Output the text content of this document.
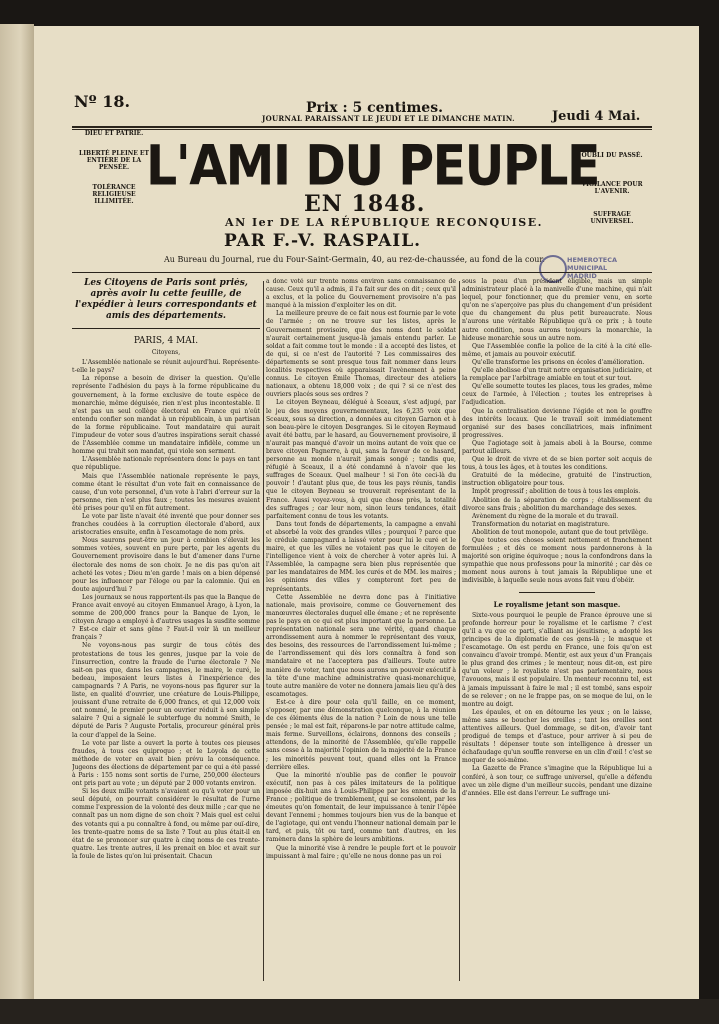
Nº 18.	Prix : 5 centimes.
JOURNAL PARAISSANT LE JEUDI ET LE DIMANCHE MATIN.	Jeudi 4 Mai.
DIEU ET PATRIE.
LIBERTÉ PLEINE ET ENTIÈRE DE LA PENSÉE.
TOLÉRANCE RELIGIEUSE ILLIMITÉE.
L'AMI DU PEUPLE
OUBLI DU PASSÉ.
VIGILANCE POUR L'AVENIR.
SUFFRAGE UNIVERSEL.
EN 1848.
AN Ier DE LA RÉPUBLIQUE RECONQUISE.
PAR F.-V. RASPAIL.
Au Bureau du Journal, rue du Four-Saint-Germain, 40, au rez-de-chaussée, au fond de la cour.	HEMEROTECA
MUNICIPAL
MADRID
Les Citoyens de Paris sont priés, après avoir lu cette feuille, de l'expédier à leurs correspondants et amis des départements.
PARIS, 4 MAI.
Citoyens,

L'Assemblée nationale se réunit aujourd'hui. Représente-t-elle le pays?

La réponse a besoin de diviser la question. Qu'elle représente l'adhésion du pays à la forme républicaine du gouvernement, à la forme exclusive de toute espèce de monarchie, même déguisée, rien n'est plus incontestable. Il n'est pas un seul collège électoral en France qui n'eût entendu confier son mandat à un républicain, à un partisan de la forme républicaine. Tout mandataire qui aurait l'impudeur de voter sous d'autres inspirations serait chassé de l'Assemblée comme un mandataire infidèle, comme un homme qui trahit son mandat, qui viole son serment.

L'Assemblée nationale représentera donc le pays en tant que république.

Mais que l'Assemblée nationale représente le pays, comme étant le résultat d'un vote fait en connaissance de cause, d'un vote personnel, d'un vote à l'abri d'erreur sur la personne, rien n'est plus faux ; toutes les mesures avaient été prises pour qu'il en fût autrement.

Le vote par liste n'avait été inventé que pour donner ses franches coudées à la corruption électorale d'abord, aux aristocraties ensuite, enfin à l'escamotage de nom près.

Nous saurons peut-être un jour à combien s'élevait les sommes votées, souvent en pure perte, par les agents du Gouvernement provisoire dans le but d'amener dans l'urne électorale des noms de son choix. Je ne dis pas qu'on ait acheté les votes ; Dieu m'en garde ! mais on a bien dépensé pour les influencer par l'éloge ou par la calomnie. Qui en doute aujourd'hui ?

Les journaux se nous rapportent-ils pas que la Banque de France avait envoyé au citoyen Emmanuel Arago, à Lyon, la somme de 200,000 francs pour la Banque de Lyon, le citoyen Arago a employé à d'autres usages la susdite somme ? Est-ce clair et sans gêne ? Faut-il voir là un meilleur français ?

Ne voyons-nous pas surgir de tous côtés des protestations de tous les genres, jusque par la voie de l'insurrection, contre la fraude de l'urne électorale ? Ne sait-on pas que, dans les campagnes, le maire, le curé, le bedeau, imposaient leurs listes à l'inexpérience des campagnards ? A Paris, ne voyons-nous pas figurer sur la liste, en qualité d'ouvrier, une créature de Louis-Philippe, jouissant d'une retraite de 6,000 francs, et qui 12,000 voix ont nommé, le premier pour un ouvrier réduit à son simple salaire ? Qui a signalé le subterfuge du nommé Smith, le député de Paris ? Auguste Portalis, procureur général près la cour d'appel de la Seine.

Le vote par liste a ouvert la porte à toutes ces pieuses fraudes, à tous ces quiproquo ; et le Loyola de cette méthode de voter en avait bien prévu la conséquence. Jugeons des élections de département par ce qui a été passé à Paris : 155 noms sont sortis de l'urne, 250,000 électeurs ont pris part au vote ; un député par 2 000 votants environ.

Si les deux mille votants n'avaient eu qu'à voter pour un seul député, on pourrait considérer le résultat de l'urne comme l'expression de la volonté des deux mille ; car que ne connaît pas un nom digne de son choix ? Mais quel est celui des votants qui a pu connaître à fond, ou même par ouï-dire, les trente-quatre noms de sa liste ? Tout au plus était-il en état de se prononcer sur quatre à cinq noms de ces trente-quatre. Les trente autres, il les prenait en bloc et avait sur la foule de listes qu'on lui présentait. Chacun

a donc voté sur trente noms environ sans connaissance de cause. Ceux qu'il a admis, il l'a fait sur des on dit ; ceux qu'il a exclus, et la police du Gouvernement provisoire n'a pas manqué à la mission d'exploiter les on dit.

La meilleure preuve de ce fait nous est fournie par le vote de l'armée ; on ne trouve sur les listes, après le Gouvernement provisoire, que des noms dont le soldat n'aurait certainement jusque-là jamais entendu parler. Le soldat a fait comme tout le monde : il a accepté des listes, et de qui, si ce n'est de l'autorité ? Les commissaires des départements se sont presque tous fait nommer dans leurs localités respectives où apparaissait l'avènement à peine connus. Le citoyen Émile Thomas, directeur des ateliers nationaux, a obtenu 18,000 voix ; de qui ? si ce n'est des ouvriers placés sous ses ordres ?

Le citoyen Beyneau, délégué à Sceaux, s'est adjugé, par le jeu des moyens gouvernementaux, les 6,235 voix que Sceaux, sous sa direction, a données au citoyen Garnon et à son beau-père le citoyen Desgranges. Si le citoyen Reymaud avait été battu, par le hasard, au Gouvernement provisoire, il n'aurait pas manqué d'avoir un moins autant de voix que ce brave citoyen Pagnerre, à qui, sans la faveur de ce hasard, personne au monde n'aurait jamais songé ; tandis que, réfugié à Sceaux, il a été condamné à n'avoir que les suffrages de Sceaux. Quel malheur ! si l'on ôte ceci-là du pouvoir ! d'autant plus que, de tous les pays réunis, tandis que le citoyen Beyneau se trouverait représentant de la France. Aussi voyez-vous, à qui que chose près, la totalité des suffrages ; car leur nom, sinon leurs tendances, était parfaitement connu de tous les votants.

Dans tout fonds de départements, la campagne a envahi et absorbé la voix des grandes villes ; pourquoi ? parce que le crédule campagnard a laissé voter pour lui le curé et le maire, et que les villes ne votaient pas que le citoyen de l'intelligence vient à voix de chercher à voter après lui. A l'Assemblée, la campagne sera bien plus représentée que par les mandataires de MM. les curés et de MM. les maires ; les opinions des villes y compteront fort peu de représentants.

Cette Assemblée ne devra donc pas à l'initiative nationale, mais provisoire, comme ce Gouvernement des manœuvres électorales duquel elle émane ; et ne représente pas le pays en ce qui est plus important que la personne. La représentation nationale sera une vérité, quand chaque arrondissement aura à nommer le représentant des vœux, des besoins, des ressources de l'arrondissement lui-même ; de l'arrondissement qui dès lors connaîtra à fond son mandataire et ne l'acceptera pas d'ailleurs. Toute autre manière de voter, tant que nous aurons un pouvoir exécutif à la tête d'une machine administrative quasi-monarchique, toute autre manière de voter ne donnera jamais lieu qu'à des escamotages.

Est-ce à dire pour cela qu'il faille, en ce moment, s'opposer, par une démonstration quelconque, à la réunion de ces éléments élus de la nation ? Loin de nous une telle pensée ; le mal est fait, réparons-le par notre attitude calme, mais ferme. Surveillons, éclairons, donnons des conseils ; attendons, de la minorité de l'Assemblée, qu'elle rappelle sans cesse à la majorité l'opinion de la majorité de la France ; les minorités peuvent tout, quand elles ont la France derrière elles.

Que la minorité n'oublie pas de confier le pouvoir exécutif, non pas à ces pâles imitateurs de la politique imposée dix-huit ans à Louis-Philippe par les ennemis de la France ; politique de tremblement, qui se consolent, par les émeutes qu'on fomentait, de leur impuissance à tenir l'épée devant l'ennemi ; hommes toujours bien vus de la banque et de l'agiotage, qui ont vendu l'honneur national demain par le tard, et puis, tôt ou tard, comme tant d'autres, en les ramènera dans la sphère de leurs ambitions.

Que la minorité vise à rendre le peuple fort et le pouvoir impuissant à mal faire ; qu'elle ne nous donne pas un roi

sous la peau d'un président éligible, mais un simple administrateur placé à la manivelle d'une machine, qui n'ait lequel, pour fonctionner, que du premier venu, en sorte qu'on ne s'aperçoive pas plus du changement d'un président que du changement du plus petit bureaucrate. Nous n'aurons une véritable République qu'à ce prix ; à toute autre condition, nous aurons toujours la monarchie, la hideuse monarchie sous un autre nom.

Que l'Assemblée confie la police de la cité à la cité elle-même, et jamais au pouvoir exécutif.

Qu'elle transforme les prisons en écoles d'amélioration.

Qu'elle abolisse d'un trait notre organisation judiciaire, et la remplace par l'arbitrage amiable en tout et sur tout.

Qu'elle soumette toutes les places, tous les grades, même ceux de l'armée, à l'élection ; toutes les entreprises à l'adjudication.

Que la centralisation devienne l'égide et non le gouffre des intérêts locaux. Que le travail soit immédiatement organisé sur des bases conciliatrices, mais infiniment progressives.

Que l'agiotage soit à jamais aboli à la Bourse, comme partout ailleurs.

Que le droit de vivre et de se bien porter soit acquis de tous, à tous les âges, et à toutes les conditions.

Gratuité de la médecine, gratuité de l'instruction, instruction obligatoire pour tous.

Impôt progressif ; abolition de tous à tous les emplois.

Abolition de la séparation de corps ; établissement du divorce sans frais ; abolition du marchandage des sexes.

Avènement du règne de la morale et du travail.

Transformation du notariat en magistrature.

Abolition de tout monopole, autant que de tout privilège.

Que toutes ces choses soient nettement et franchement formulées ; et dès ce moment nous pardonnerons à la majorité son origine équivoque ; nous la confondrons dans la sympathie que nous professons pour la minorité ; car dès ce moment nous aurons à tout jamais la République une et indivisible, à laquelle seule nous avons fait vœu d'obéir.

Le royalisme jetant son masque.

Sixte-vous pourquoi le peuple de France éprouve une si profonde horreur pour le royalisme et le carlisme ? c'est qu'il a vu que ce parti, s'alliant au jésuitisme, a adopté les principes de la diplomatie de ces gens-là ; le masque et l'escamotage. On est perdu en France, une fois qu'on est convaincu d'avoir trompé. Mentir, est aux yeux d'un Français le plus grand des crimes ; le menteur, nous dit-on, est pire qu'un voleur ; le royaliste n'est pas parlementaire, nous l'avouons, mais il est populaire. Un menteur reconnu tel, est à jamais impuissant à faire le mal ; il est tombé, sans espoir de se relever ; on ne le frappe pas, on se moque de lui, on le montre au doigt.

Les épaules, et on en détourne les yeux ; on le laisse, même sans se boucher les oreilles ; tant les oreilles sont attentives ailleurs. Quel dommage, se dit-on, d'avoir tant prodigué de temps et d'astuce, pour arriver à si peu de résultats ! dépenser toute son intelligence à dresser un échafaudage qu'un souffle renverse en un clin d'œil ! c'est se moquer de soi-même.

La Gazette de France s'imagine que la République lui a conféré, à son tour, ce suffrage universel, qu'elle a défendu avec un zèle digne d'un meilleur succès, pendant une dizaine d'années. Elle est dans l'erreur. Le suffrage uni-
